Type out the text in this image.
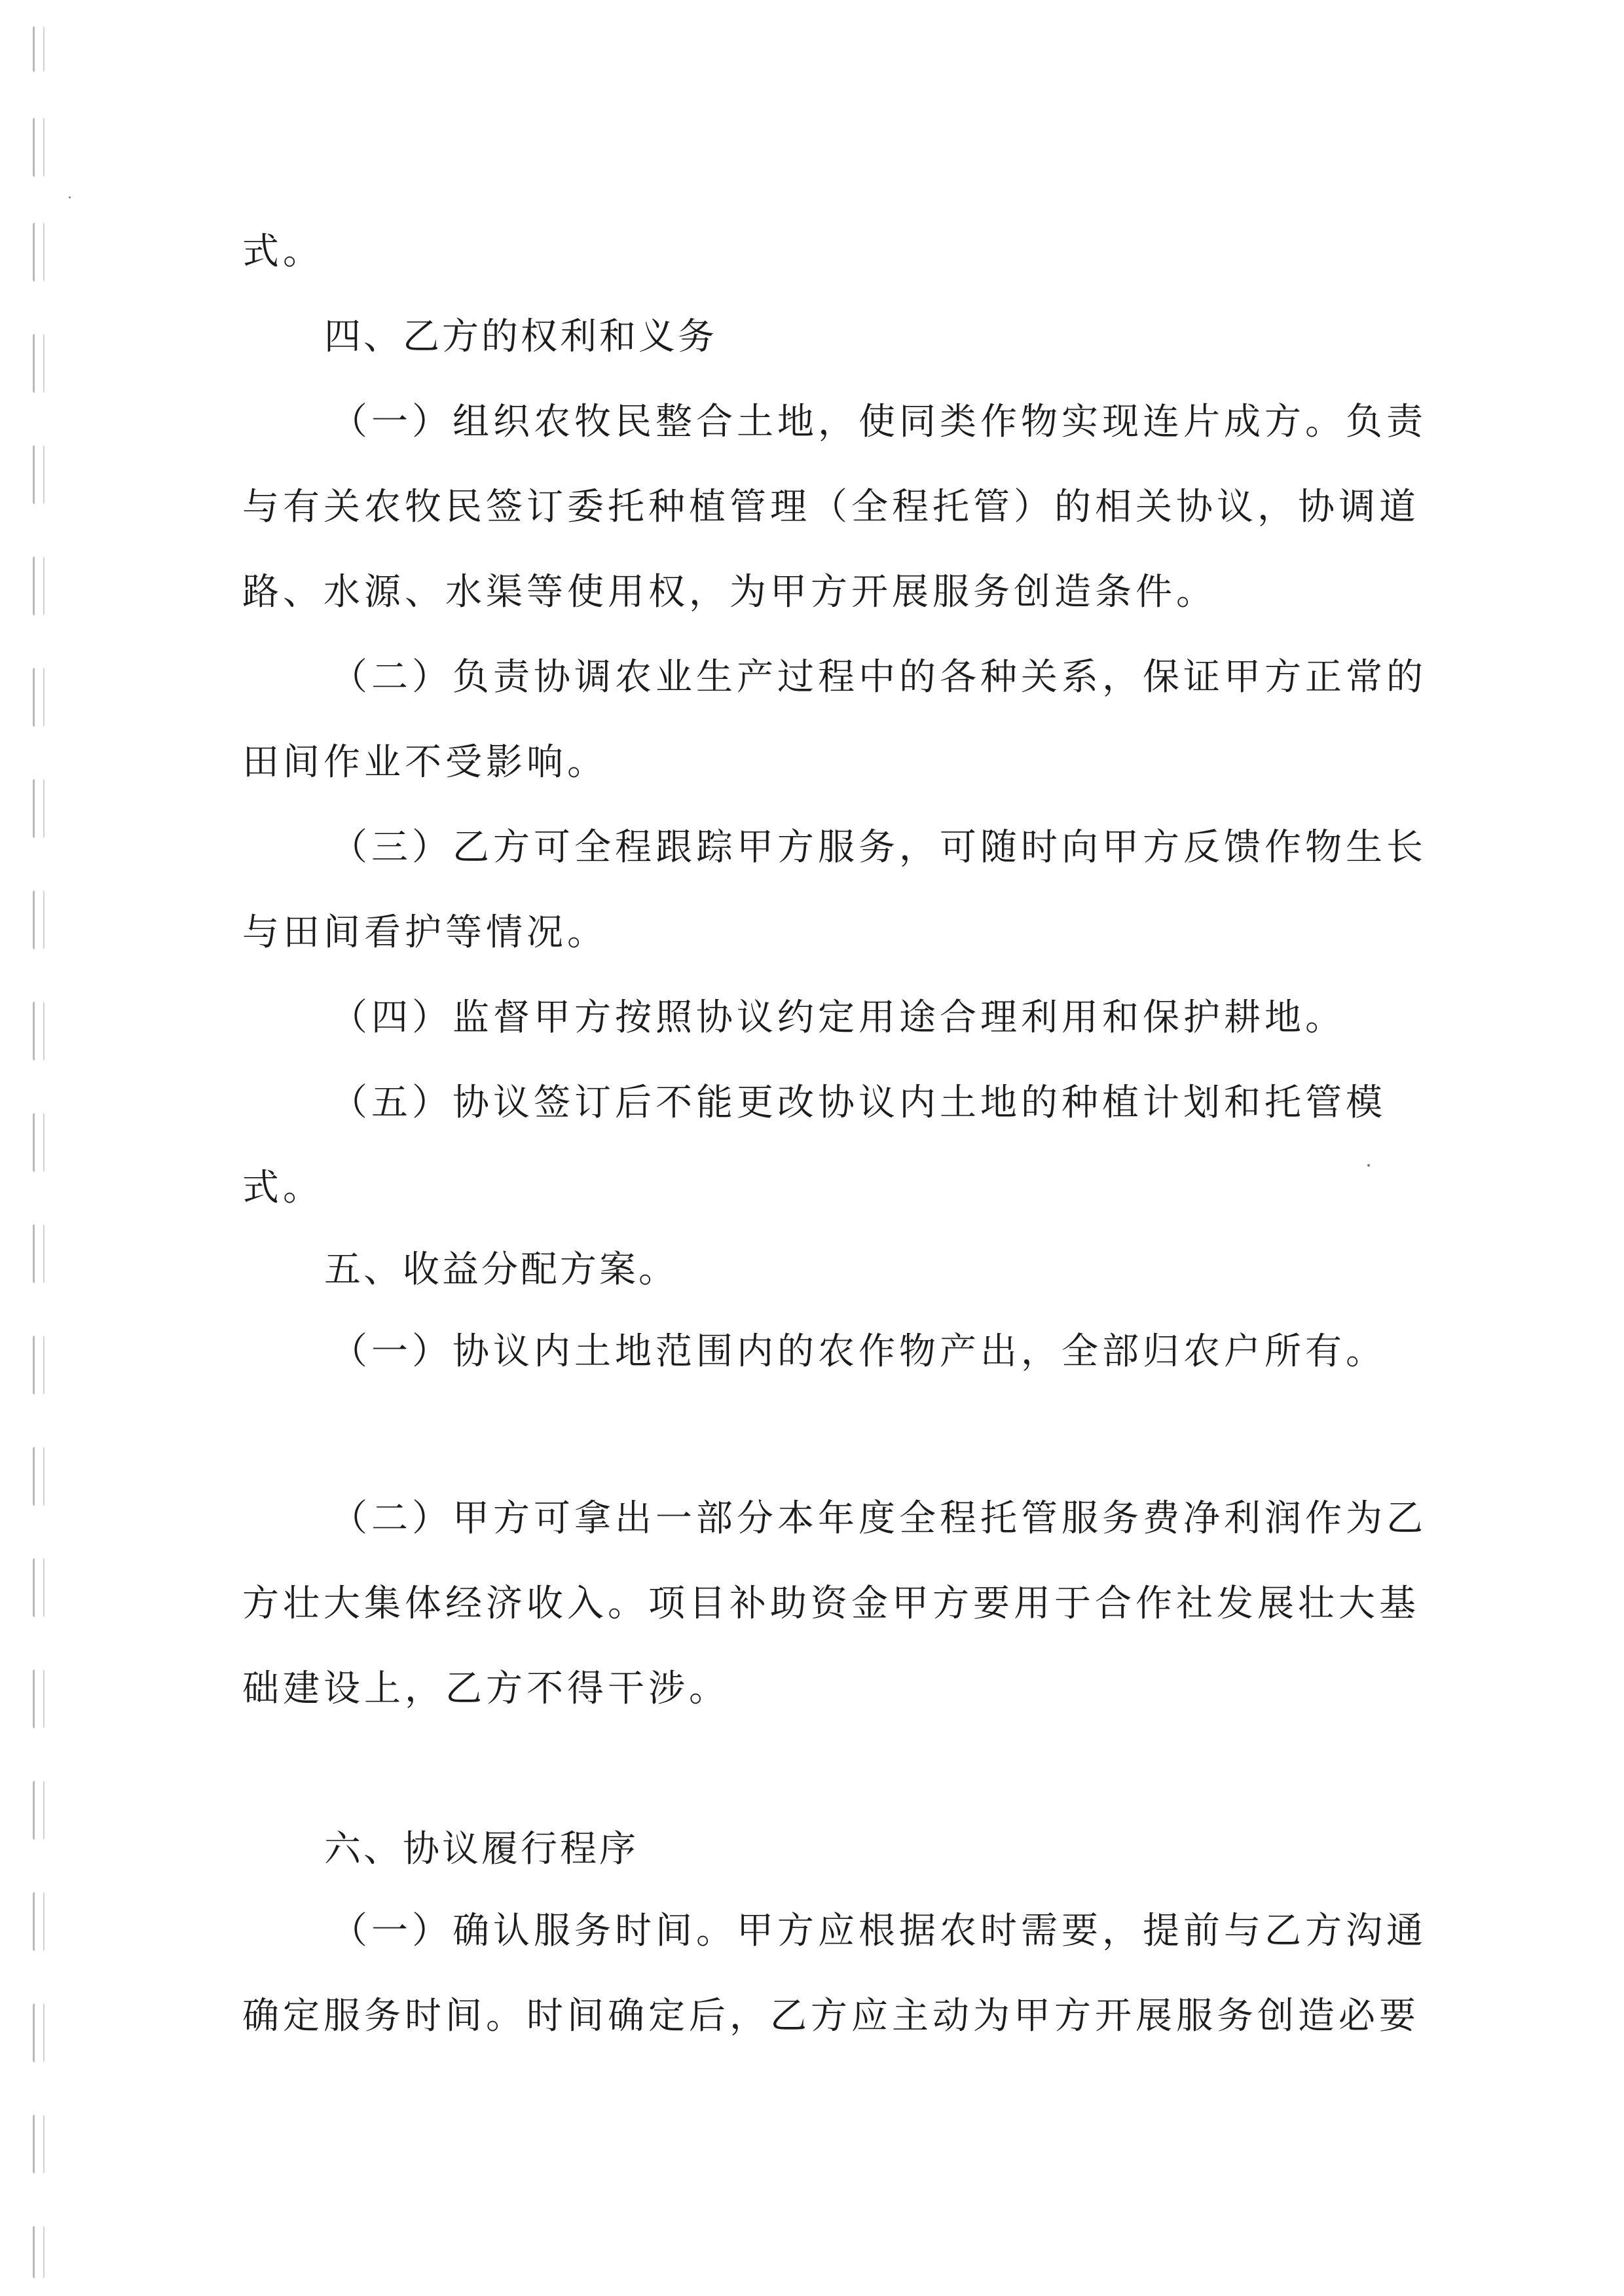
式。

四、乙方的权利和义务

（一）组织农牧民整合土地，使同类作物实现连片成方。负责

与有关农牧民签订委托种植管理（全程托管）的相关协议，协调道

路、水源、水渠等使用权，为甲方开展服务创造条件。

（二）负责协调农业生产过程中的各种关系，保证甲方正常的

田间作业不受影响。

（三）乙方可全程跟踪甲方服务，可随时向甲方反馈作物生长

与田间看护等情况。

（四）监督甲方按照协议约定用途合理利用和保护耕地。

（五）协议签订后不能更改协议内土地的种植计划和托管模

式。

五、收益分配方案。

（一）协议内土地范围内的农作物产出，全部归农户所有。

（二）甲方可拿出一部分本年度全程托管服务费净利润作为乙

方壮大集体经济收入。项目补助资金甲方要用于合作社发展壮大基

础建设上，乙方不得干涉。

六、协议履行程序

（一）确认服务时间。甲方应根据农时需要，提前与乙方沟通

确定服务时间。时间确定后，乙方应主动为甲方开展服务创造必要
